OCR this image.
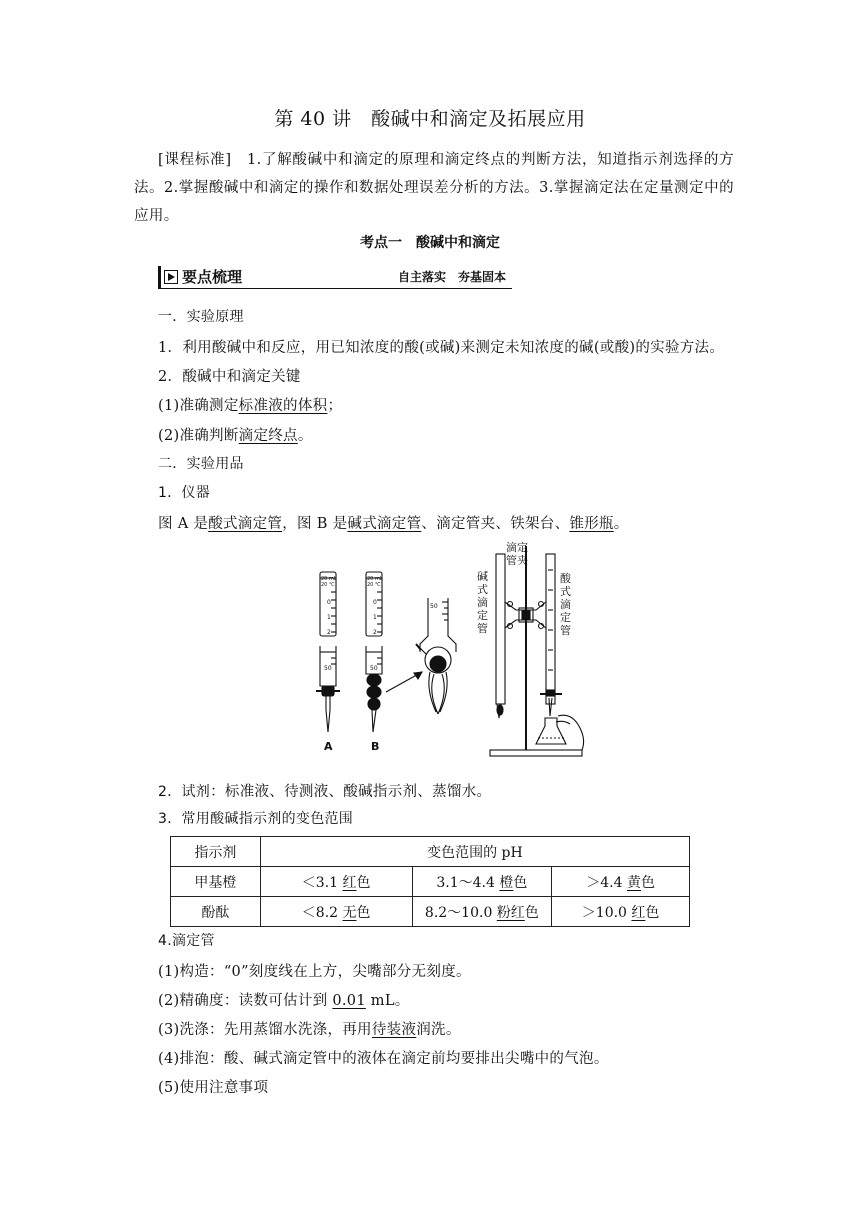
第 40 讲　酸碱中和滴定及拓展应用
[课程标准]　1.了解酸碱中和滴定的原理和滴定终点的判断方法，知道指示剂选择的方法。2.掌握酸碱中和滴定的操作和数据处理误差分析的方法。3.掌握滴定法在定量测定中的应用。
考点一　酸碱中和滴定
要点梳理	自主落实　夯基固本
一．实验原理
1．利用酸碱中和反应，用已知浓度的酸(或碱)来测定未知浓度的碱(或酸)的实验方法。
2．酸碱中和滴定关键
(1)准确测定标准液的体积；
(2)准确判断滴定终点。
二．实验用品
1．仪器
图 A 是酸式滴定管，图 B 是碱式滴定管、滴定管夹、铁架台、锥形瓶。
20 mL
20 ℃
0
1
2
50
20 mL
20 ℃
0
1
2
50
A	B
50
滴定
管夹
碱
式
滴
定
管
酸
式
滴
定
管
2．试剂：标准液、待测液、酸碱指示剂、蒸馏水。
3．常用酸碱指示剂的变色范围
指示剂	变色范围的 pH		
甲基橙	＜3.1 红色	3.1～4.4 橙色	＞4.4 黄色
酚酞	＜8.2 无色	8.2～10.0 粉红色	＞10.0 红色
4.滴定管
(1)构造：“0”刻度线在上方，尖嘴部分无刻度。
(2)精确度：读数可估计到 0.01 mL。
(3)洗涤：先用蒸馏水洗涤，再用待装液润洗。
(4)排泡：酸、碱式滴定管中的液体在滴定前均要排出尖嘴中的气泡。
(5)使用注意事项
